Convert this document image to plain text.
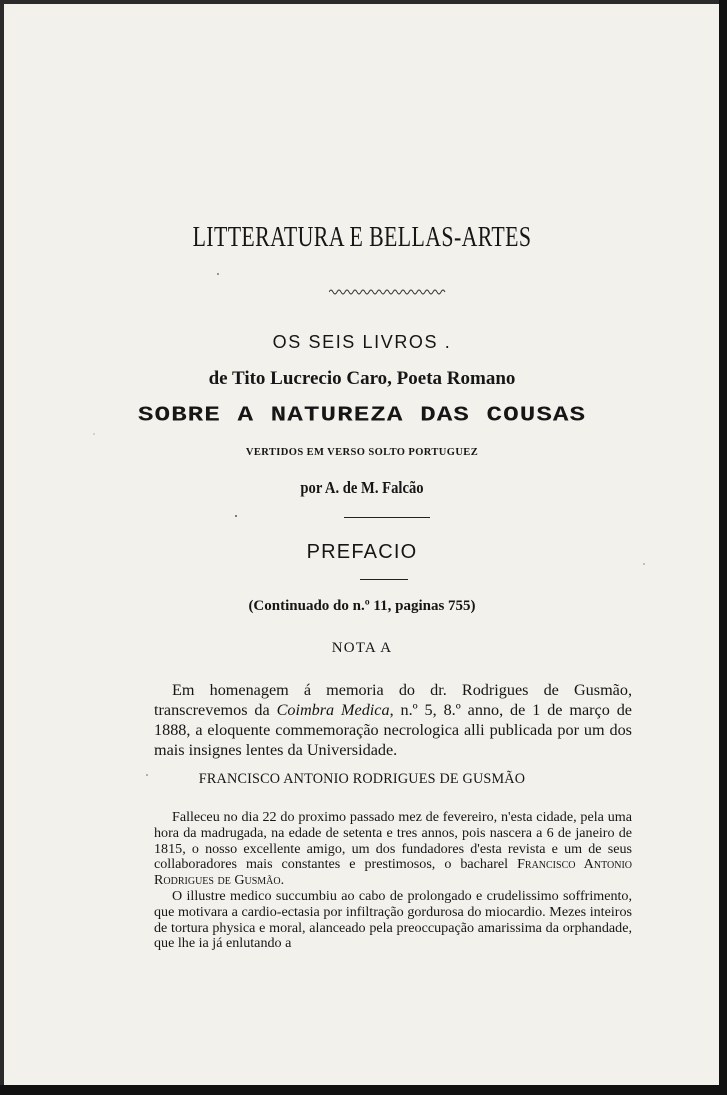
LITTERATURA E BELLAS-ARTES
OS SEIS LIVROS .
de Tito Lucrecio Caro, Poeta Romano
SOBRE A NATUREZA DAS COUSAS
VERTIDOS EM VERSO SOLTO PORTUGUEZ
por A. de M. Falcão
PREFACIO
(Continuado do n.º 11, paginas 755)
NOTA A

Em homenagem á memoria do dr. Rodrigues de Gusmão, transcrevemos da Coimbra Medica, n.º 5, 8.º anno, de 1 de março de 1888, a eloquente commemoração necrologica alli publicada por um dos mais insignes lentes da Universidade.

FRANCISCO ANTONIO RODRIGUES DE GUSMÃO

Falleceu no dia 22 do proximo passado mez de fevereiro, n'esta cidade, pela uma hora da madrugada, na edade de setenta e tres annos, pois nascera a 6 de janeiro de 1815, o nosso excellente amigo, um dos fundadores d'esta revista e um de seus collaboradores mais constantes e prestimosos, o bacharel Francisco Antonio Rodrigues de Gusmão.

O illustre medico succumbiu ao cabo de prolongado e crudelissimo soffrimento, que motivara a cardio-ectasia por infiltração gordurosa do miocardio. Mezes inteiros de tortura physica e moral, alanceado pela preoccupação amarissima da orphandade, que lhe ia já enlutando a
